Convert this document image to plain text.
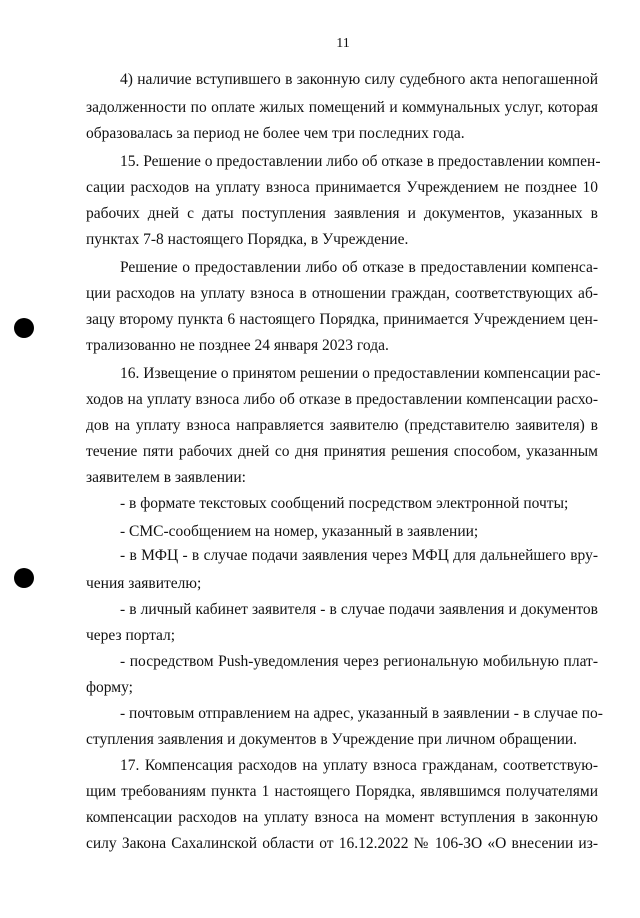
11
4) наличие вступившего в законную силу судебного акта непогашенной
задолженности по оплате жилых помещений и коммунальных услуг, которая
образовалась за период не более чем три последних года.
15. Решение о предоставлении либо об отказе в предоставлении компен-
сации расходов на уплату взноса принимается Учреждением не позднее 10
рабочих дней с даты поступления заявления и документов, указанных в
пунктах 7-8 настоящего Порядка, в Учреждение.
Решение о предоставлении либо об отказе в предоставлении компенса-
ции расходов на уплату взноса в отношении граждан, соответствующих аб-
зацу второму пункта 6 настоящего Порядка, принимается Учреждением цен-
трализованно не позднее 24 января 2023 года.
16. Извещение о принятом решении о предоставлении компенсации рас-
ходов на уплату взноса либо об отказе в предоставлении компенсации расхо-
дов на уплату взноса направляется заявителю (представителю заявителя) в
течение пяти рабочих дней со дня принятия решения способом, указанным
заявителем в заявлении:
- в формате текстовых сообщений посредством электронной почты;
- СМС-сообщением на номер, указанный в заявлении;
- в МФЦ - в случае подачи заявления через МФЦ для дальнейшего вру-
чения заявителю;
- в личный кабинет заявителя - в случае подачи заявления и документов
через портал;
- посредством Push-уведомления через региональную мобильную плат-
форму;
- почтовым отправлением на адрес, указанный в заявлении - в случае по-
ступления заявления и документов в Учреждение при личном обращении.
17. Компенсация расходов на уплату взноса гражданам, соответствую-
щим требованиям пункта 1 настоящего Порядка, являвшимся получателями
компенсации расходов на уплату взноса на момент вступления в законную
силу Закона Сахалинской области от 16.12.2022 № 106-ЗО «О внесении из-
